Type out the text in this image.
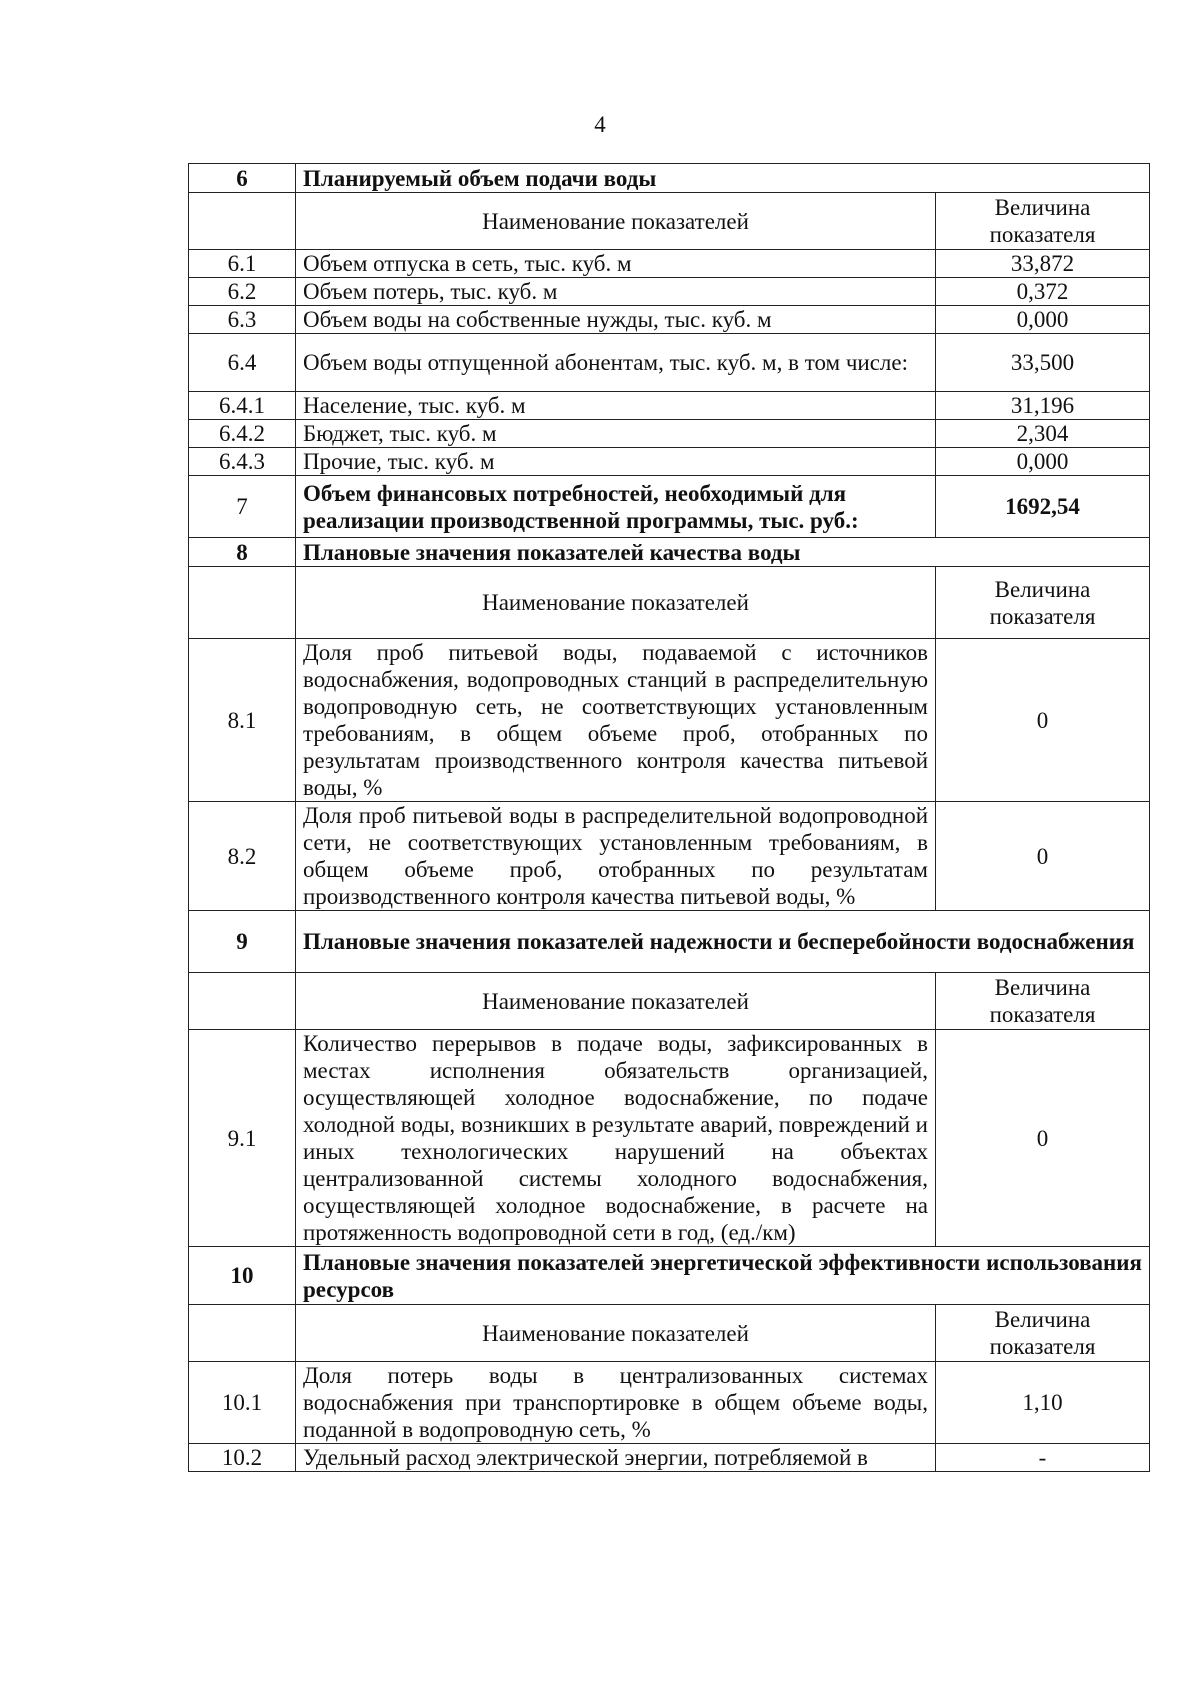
4
6	Планируемый объем подачи воды	
	Наименование показателей	Величина показателя
6.1	Объем отпуска в сеть, тыс. куб. м	33,872
6.2	Объем потерь, тыс. куб. м	0,372
6.3	Объем воды на собственные нужды, тыс. куб. м	0,000
6.4	Объем воды отпущенной абонентам, тыс. куб. м, в том числе:	33,500
6.4.1	Население, тыс. куб. м	31,196
6.4.2	Бюджет, тыс. куб. м	2,304
6.4.3	Прочие, тыс. куб. м	0,000
7	Объем финансовых потребностей, необходимый для реализации производственной программы, тыс. руб.:	1692,54
8	Плановые значения показателей качества воды	
	Наименование показателей	Величина показателя
8.1	Доля проб питьевой воды, подаваемой с источников водоснабжения, водопроводных станций в распределительную водопроводную сеть, не соответствующих установленным требованиям, в общем объеме проб, отобранных по результатам производственного контроля качества питьевой воды, %	0
8.2	Доля проб питьевой воды в распределительной водопроводной сети, не соответствующих установленным требованиям, в общем объеме проб, отобранных по результатам производственного контроля качества питьевой воды, %	0
9	Плановые значения показателей надежности и бесперебойности водоснабжения	
	Наименование показателей	Величина показателя
9.1	Количество перерывов в подаче воды, зафиксированных в местах исполнения обязательств организацией, осуществляющей холодное водоснабжение, по подаче холодной воды, возникших в результате аварий, повреждений и иных технологических нарушений на объектах централизованной системы холодного водоснабжения, осуществляющей холодное водоснабжение, в расчете на протяженность водопроводной сети в год, (ед./км)	0
10	Плановые значения показателей энергетической эффективности использования ресурсов	
	Наименование показателей	Величина показателя
10.1	Доля потерь воды в централизованных системах водоснабжения при транспортировке в общем объеме воды, поданной в водопроводную сеть, %	1,10
10.2	Удельный расход электрической энергии, потребляемой в	-
